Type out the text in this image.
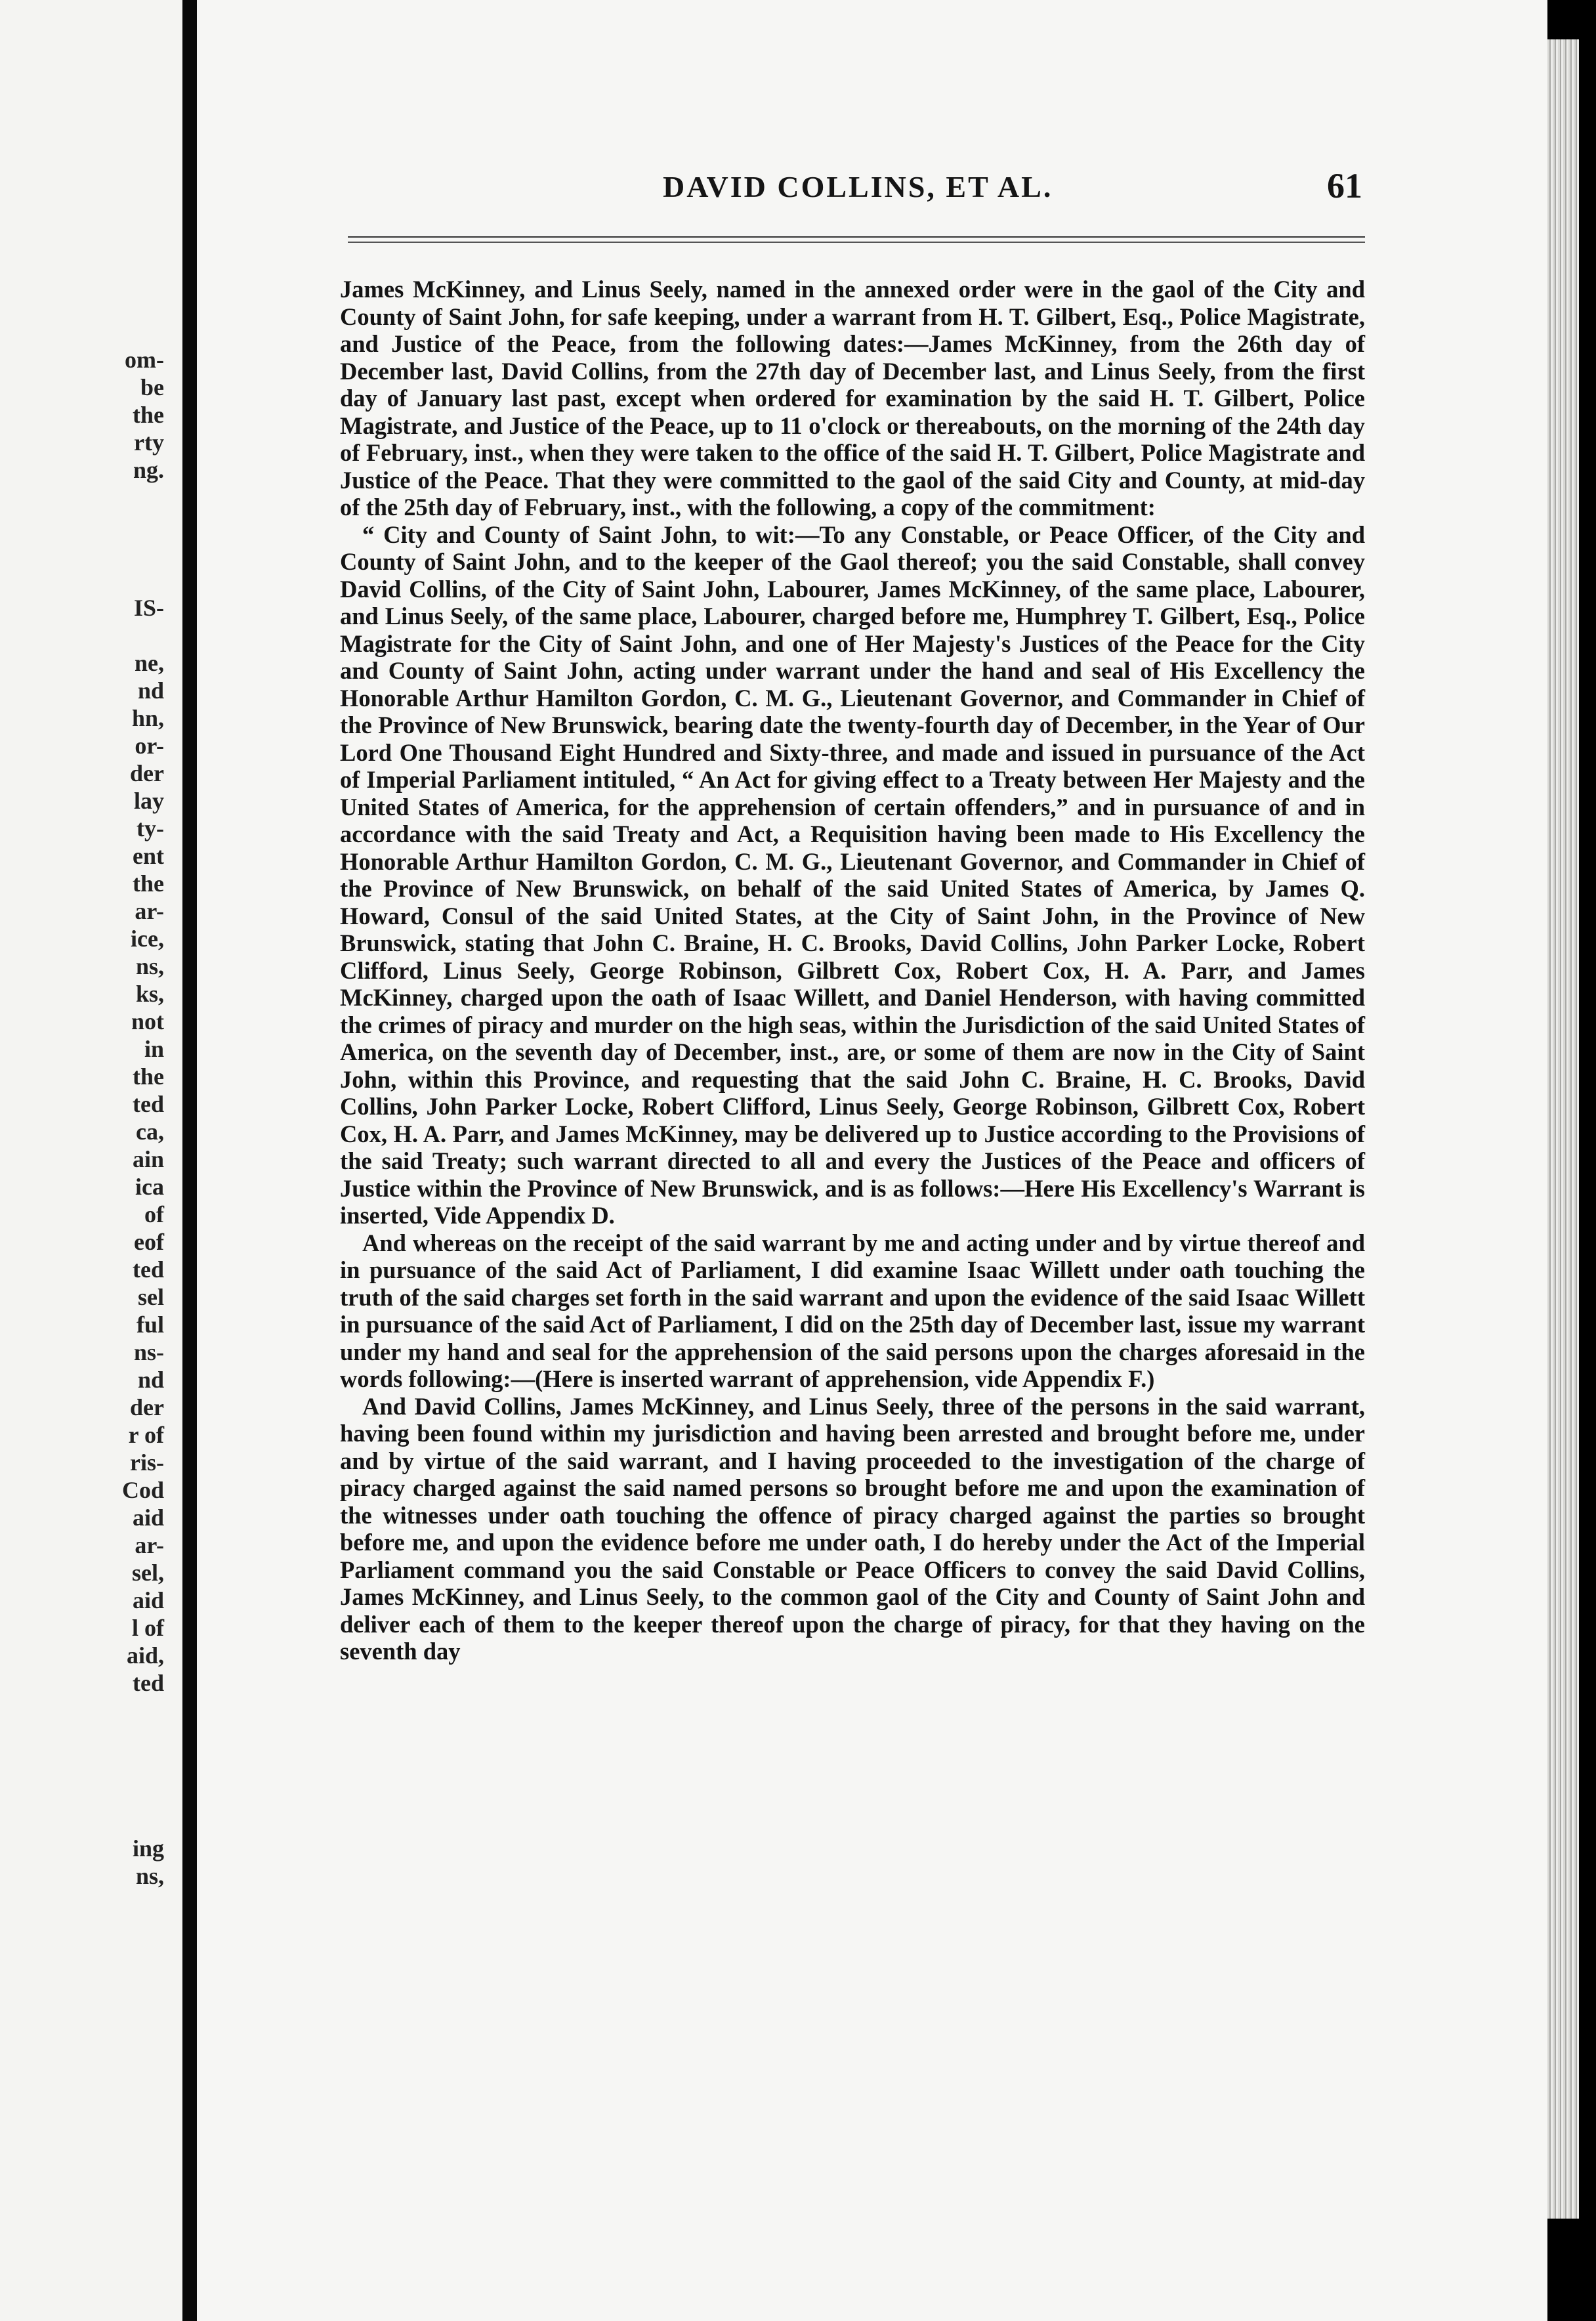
om-
be
the
rty
ng.
IS-
ne,
nd
hn,
or-
der
lay
ty-
ent
the
ar-
ice,
ns,
ks,
not
in
the
ted
ca,
ain
ica
of
eof
ted
sel
ful
ns-
nd
der
r of
ris-
Cod
aid
ar-
sel,
aid
l of
aid,
ted
ing
ns,
DAVID COLLINS, ET AL.	61

James McKinney, and Linus Seely, named in the annexed order were in the gaol of the City and County of Saint John, for safe keeping, under a warrant from H. T. Gilbert, Esq., Police Magistrate, and Justice of the Peace, from the following dates:—James McKinney, from the 26th day of December last, David Collins, from the 27th day of December last, and Linus Seely, from the first day of January last past, except when ordered for examination by the said H. T. Gilbert, Police Magistrate, and Justice of the Peace, up to 11 o'clock or thereabouts, on the morning of the 24th day of February, inst., when they were taken to the office of the said H. T. Gilbert, Police Magistrate and Justice of the Peace. That they were committed to the gaol of the said City and County, at mid-day of the 25th day of February, inst., with the following, a copy of the commitment:

“ City and County of Saint John, to wit:—To any Constable, or Peace Officer, of the City and County of Saint John, and to the keeper of the Gaol thereof; you the said Constable, shall convey David Collins, of the City of Saint John, Labourer, James McKinney, of the same place, Labourer, and Linus Seely, of the same place, Labourer, charged before me, Humphrey T. Gilbert, Esq., Police Magistrate for the City of Saint John, and one of Her Majesty's Justices of the Peace for the City and County of Saint John, acting under warrant under the hand and seal of His Excellency the Honorable Arthur Hamilton Gordon, C. M. G., Lieutenant Governor, and Commander in Chief of the Province of New Brunswick, bearing date the twenty-fourth day of December, in the Year of Our Lord One Thousand Eight Hundred and Sixty-three, and made and issued in pursuance of the Act of Imperial Parliament intituled, “ An Act for giving effect to a Treaty between Her Majesty and the United States of America, for the apprehension of certain offenders,” and in pursuance of and in accordance with the said Treaty and Act, a Requisition having been made to His Excellency the Honorable Arthur Hamilton Gordon, C. M. G., Lieutenant Governor, and Commander in Chief of the Province of New Brunswick, on behalf of the said United States of America, by James Q. Howard, Consul of the said United States, at the City of Saint John, in the Province of New Brunswick, stating that John C. Braine, H. C. Brooks, David Collins, John Parker Locke, Robert Clifford, Linus Seely, George Robinson, Gilbrett Cox, Robert Cox, H. A. Parr, and James McKinney, charged upon the oath of Isaac Willett, and Daniel Henderson, with having committed the crimes of piracy and murder on the high seas, within the Jurisdiction of the said United States of America, on the seventh day of December, inst., are, or some of them are now in the City of Saint John, within this Province, and requesting that the said John C. Braine, H. C. Brooks, David Collins, John Parker Locke, Robert Clifford, Linus Seely, George Robinson, Gilbrett Cox, Robert Cox, H. A. Parr, and James McKinney, may be delivered up to Justice according to the Provisions of the said Treaty; such warrant directed to all and every the Justices of the Peace and officers of Justice within the Province of New Brunswick, and is as follows:—Here His Excellency's Warrant is inserted, Vide Appendix D.

And whereas on the receipt of the said warrant by me and acting under and by virtue thereof and in pursuance of the said Act of Parliament, I did examine Isaac Willett under oath touching the truth of the said charges set forth in the said warrant and upon the evidence of the said Isaac Willett in pursuance of the said Act of Parliament, I did on the 25th day of December last, issue my warrant under my hand and seal for the apprehension of the said persons upon the charges aforesaid in the words following:—(Here is inserted warrant of apprehension, vide Appendix F.)

And David Collins, James McKinney, and Linus Seely, three of the persons in the said warrant, having been found within my jurisdiction and having been arrested and brought before me, under and by virtue of the said warrant, and I having proceeded to the investigation of the charge of piracy charged against the said named persons so brought before me and upon the examination of the witnesses under oath touching the offence of piracy charged against the parties so brought before me, and upon the evidence before me under oath, I do hereby under the Act of the Imperial Parliament command you the said Constable or Peace Officers to convey the said David Collins, James McKinney, and Linus Seely, to the common gaol of the City and County of Saint John and deliver each of them to the keeper thereof upon the charge of piracy, for that they having on the seventh day
